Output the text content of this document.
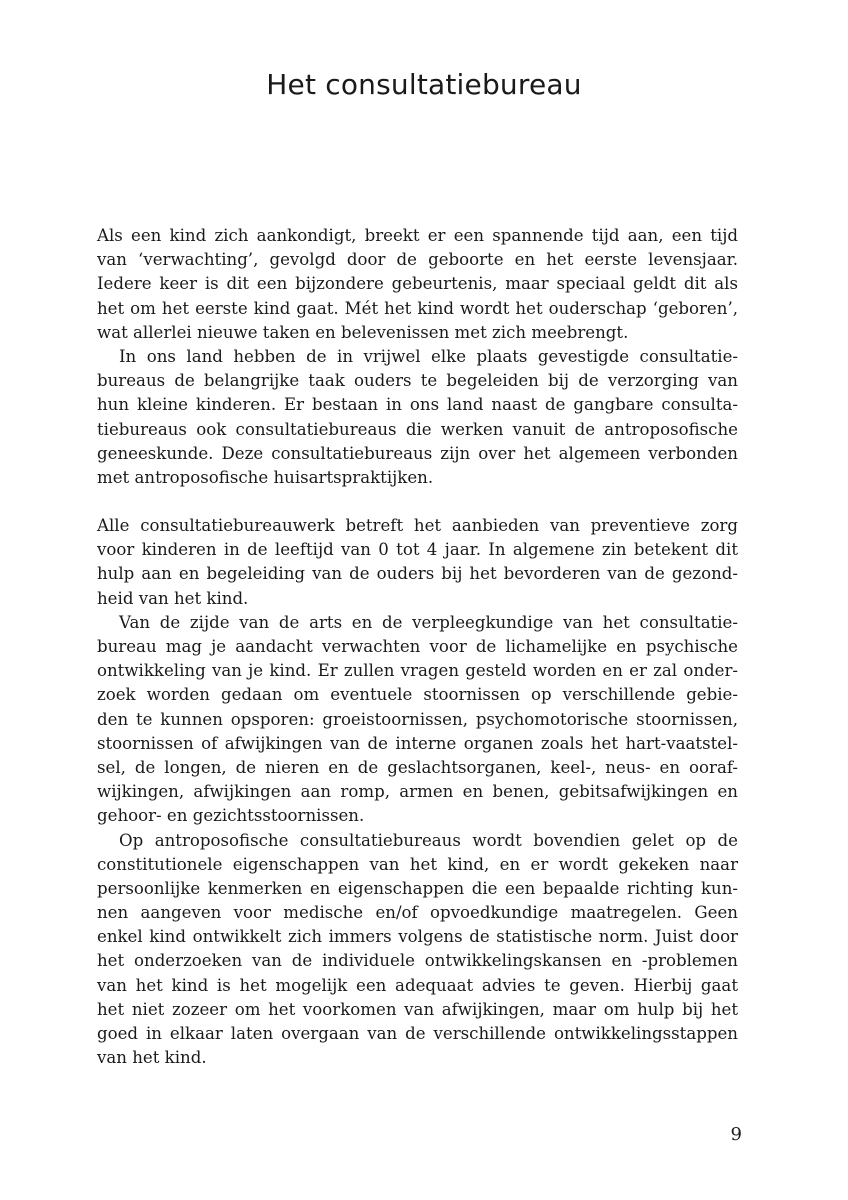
Het consultatiebureau
Als een kind zich aankondigt, breekt er een spannende tijd aan, een tijd
van ‘verwachting’, gevolgd door de geboorte en het eerste levensjaar.
Iedere keer is dit een bijzondere gebeurtenis, maar speciaal geldt dit als
het om het eerste kind gaat. Mét het kind wordt het ouderschap ‘geboren’,
wat allerlei nieuwe taken en belevenissen met zich meebrengt.
In ons land hebben de in vrijwel elke plaats gevestigde consultatie-
bureaus de belangrijke taak ouders te begeleiden bij de verzorging van
hun kleine kinderen. Er bestaan in ons land naast de gangbare consulta-
tiebureaus ook consultatiebureaus die werken vanuit de antroposofische
geneeskunde. Deze consultatiebureaus zijn over het algemeen verbonden
met antroposofische huisartspraktijken.
Alle consultatiebureauwerk betreft het aanbieden van preventieve zorg
voor kinderen in de leeftijd van 0 tot 4 jaar. In algemene zin betekent dit
hulp aan en begeleiding van de ouders bij het bevorderen van de gezond-
heid van het kind.
Van de zijde van de arts en de verpleegkundige van het consultatie-
bureau mag je aandacht verwachten voor de lichamelijke en psychische
ontwikkeling van je kind. Er zullen vragen gesteld worden en er zal onder-
zoek worden gedaan om eventuele stoornissen op verschillende gebie-
den te kunnen opsporen: groeistoornissen, psychomotorische stoornissen,
stoornissen of afwijkingen van de interne organen zoals het hart-vaatstel-
sel, de longen, de nieren en de geslachtsorganen, keel-, neus- en ooraf-
wijkingen, afwijkingen aan romp, armen en benen, gebitsafwijkingen en
gehoor- en gezichtsstoornissen.
Op antroposofische consultatiebureaus wordt bovendien gelet op de
constitutionele eigenschappen van het kind, en er wordt gekeken naar
persoonlijke kenmerken en eigenschappen die een bepaalde richting kun-
nen aangeven voor medische en/of opvoedkundige maatregelen. Geen
enkel kind ontwikkelt zich immers volgens de statistische norm. Juist door
het onderzoeken van de individuele ontwikkelingskansen en -problemen
van het kind is het mogelijk een adequaat advies te geven. Hierbij gaat
het niet zozeer om het voorkomen van afwijkingen, maar om hulp bij het
goed in elkaar laten overgaan van de verschillende ontwikkelingsstappen
van het kind.
9
